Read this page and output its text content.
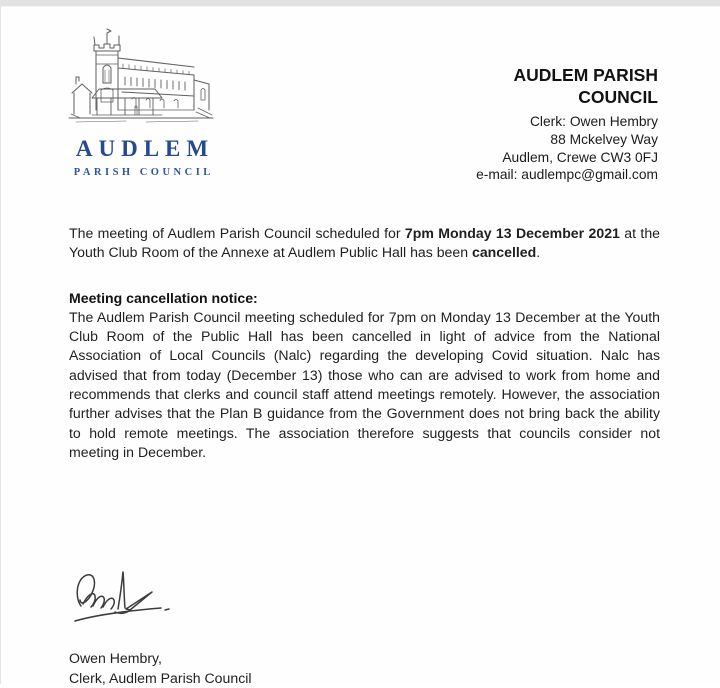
AUDLEM
PARISH COUNCIL
AUDLEM PARISH
COUNCIL
Clerk: Owen Hembry
88 Mckelvey Way
Audlem, Crewe CW3 0FJ
e-mail: audlempc@gmail.com

The meeting of Audlem Parish Council scheduled for 7pm Monday 13 December 2021 at the Youth Club Room of the Annexe at Audlem Public Hall has been cancelled.

Meeting cancellation notice:

The Audlem Parish Council meeting scheduled for 7pm on Monday 13 December at the Youth Club Room of the Public Hall has been cancelled in light of advice from the National Association of Local Councils (Nalc) regarding the developing Covid situation. Nalc has advised that from today (December 13) those who can are advised to work from home and recommends that clerks and council staff attend meetings remotely. However, the association further advises that the Plan B guidance from the Government does not bring back the ability to hold remote meetings. The association therefore suggests that councils consider not meeting in December.

Owen Hembry,
Clerk, Audlem Parish Council
